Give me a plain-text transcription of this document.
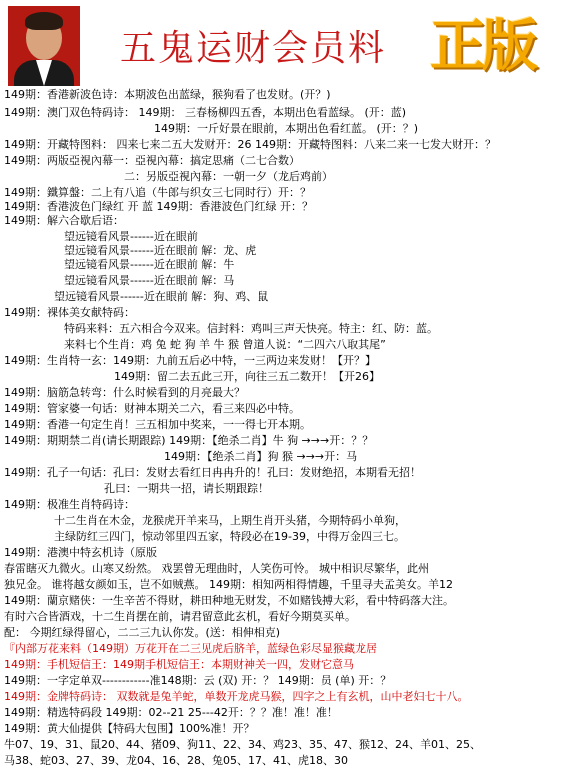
五鬼运财会员料 正版
149期：香港新波色诗：本期波色出蓝绿，猴狗看了也发财。(开？)
149期：澳门双色特码诗： 149期： 三春杨柳四五香，本期出色看蓝绿。 (开：蓝)
149期：一斤好景在眼前，本期出色看红蓝。 (开：？)
149期：开藏特图料： 四来七来二五大发财开：26 149期：开藏特图料：八来二来一七发大财开：？
149期：两版亞視內幕一：亞視內幕：搞定思痛（二七合数）
二：另版亞視內幕：一朝一夕（龙后鸡前）
149期：鐵算盤：二上有八追（牛郎与织女三七同时行）开：？
149期：香港波色门绿红 开 蓝 149期：香港波色门红绿 开：？
149期：解六合歇后语：
望远镜看风景------近在眼前
望远镜看风景------近在眼前 解：龙、虎
望远镜看风景------近在眼前 解：牛
望远镜看风景------近在眼前 解：马
望远镜看风景------近在眼前 解：狗、鸡、鼠
149期：裸体美女献特码：
特码来料：五六相合今双来。信封料：鸡叫三声天快亮。特主：红、防：蓝。
来料七个生肖：鸡 兔 蛇 狗 羊 牛 猴 曾道人说：“二四六八取其尾”
149期：生肖特一玄：149期：九前五后必中特，一三两边来发财！【开？】
149期：留二去五此三开，向往三五二数开！【开26】
149期：脑筋急转弯：什么时候看到的月亮最大？
149期：管家婆一句话：财神本期关二六，看三来四必中特。
149期：香港一句定生肖！三五相加中奖来，一一得七开本期。
149期：期期禁二肖(请长期跟踪) 149期：【绝杀二肖】牛 狗 →→→开：？？
149期：【绝杀二肖】狗 猴 →→→开：马
149期：孔子一句话：孔曰：发财去看红日冉冉升的！孔曰：发财绝招，本期看无招！
孔曰：一期共一招，请长期跟踪！
149期：极准生肖特码诗：
十二生肖在木金，龙猴虎开羊来马，上期生肖开头猪，今期特码小单狗，
主绿防红三四门，惊动邻里四五家，特段必在19-39，中得万金四三七。
149期：港澳中特玄机诗（原版
春雷瞎灭九微火。山寒又纷然。 戏罢曾无理曲时，人笑伤可怜。 城中相识尽繁华，此州
独兄金。 谁将越女颜如玉，岂不如贼燕。 149期：相知两相得情趣，千里寻夫孟美女。羊12
149期：蘭京赌侠：一生辛苦不得财，耕田种地无财发，不如赌钱搏大彩，看中特码落大注。
有时六合皆酒戏，十二生肖摆在前，请君留意此玄机，看好今期莫买单。
配： 今期红绿得留心，二二三九认你发。(送：相伸相克)
『内部万花来料（149期）万花开在二三见虎后脐羊，蓝绿色彩尽显猴藏龙居
149期：手机短信王：149期手机短信王：本期财神关一四，发财它意马
149期：一字定单双------------准148期：云 (双) 开：？ 149期：员 (单) 开：？
149期：金牌特码诗： 双数就是兔羊蛇，单数开龙虎马猴，四字之上有玄机，山中老妇七十八。
149期：精选特码段 149期：02--21 25---42开：？？准！准！准！
149期：黄大仙提供【特码大包围】100%准！开？
牛07、19、31、鼠20、44、猪09、狗11、22、34、鸡23、35、47、猴12、24、羊01、25、
马38、蛇03、27、39、龙04、16、28、兔05、17、41、虎18、30
